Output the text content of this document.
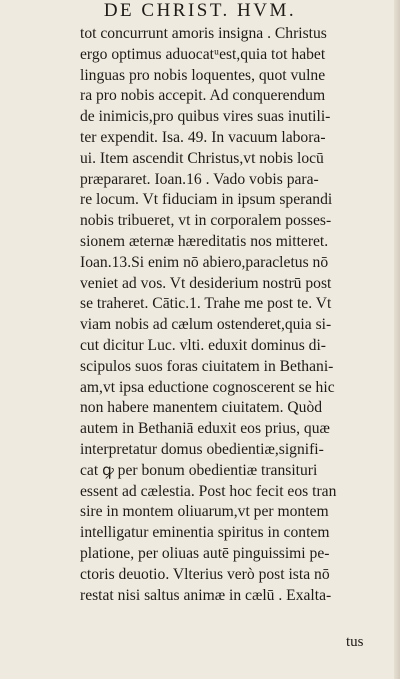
DE CHRIST. HVM.
tot concurrunt amoris insigna . Christus
ergo optimus aduocatᵘest,quia tot habet
linguas pro nobis loquentes, quot vulne
ra pro nobis accepit. Ad conquerendum
de inimicis,pro quibus vires suas inutili-
ter expendit. Isa. 49. In vacuum labora-
ui. Item ascendit Christus,vt nobis locū
præpararet. Ioan.16 . Vado vobis para-
re locum. Vt fiduciam in ipsum sperandi
nobis tribueret, vt in corporalem posses-
sionem æternæ hæreditatis nos mitteret.
Ioan.13.Si enim nō abiero,paracletus nō
veniet ad vos. Vt desiderium nostrū post
se traheret. Cātic.1. Trahe me post te. Vt
viam nobis ad cælum ostenderet,quia si-
cut dicitur Luc. vlti. eduxit dominus di-
scipulos suos foras ciuitatem in Bethani-
am,vt ipsa eductione cognoscerent se hic
non habere manentem ciuitatem. Quòd
autem in Bethaniā eduxit eos prius, quæ
interpretatur domus obedientiæ,signifi-
cat ꝙ per bonum obedientiæ transituri
essent ad cælestia. Post hoc fecit eos tran
sire in montem oliuarum,vt per montem
intelligatur eminentia spiritus in contem
platione, per oliuas autē pinguissimi pe-
ctoris deuotio. Vlterius verò post ista nō
restat nisi saltus animæ in cælū . Exalta-
tus
